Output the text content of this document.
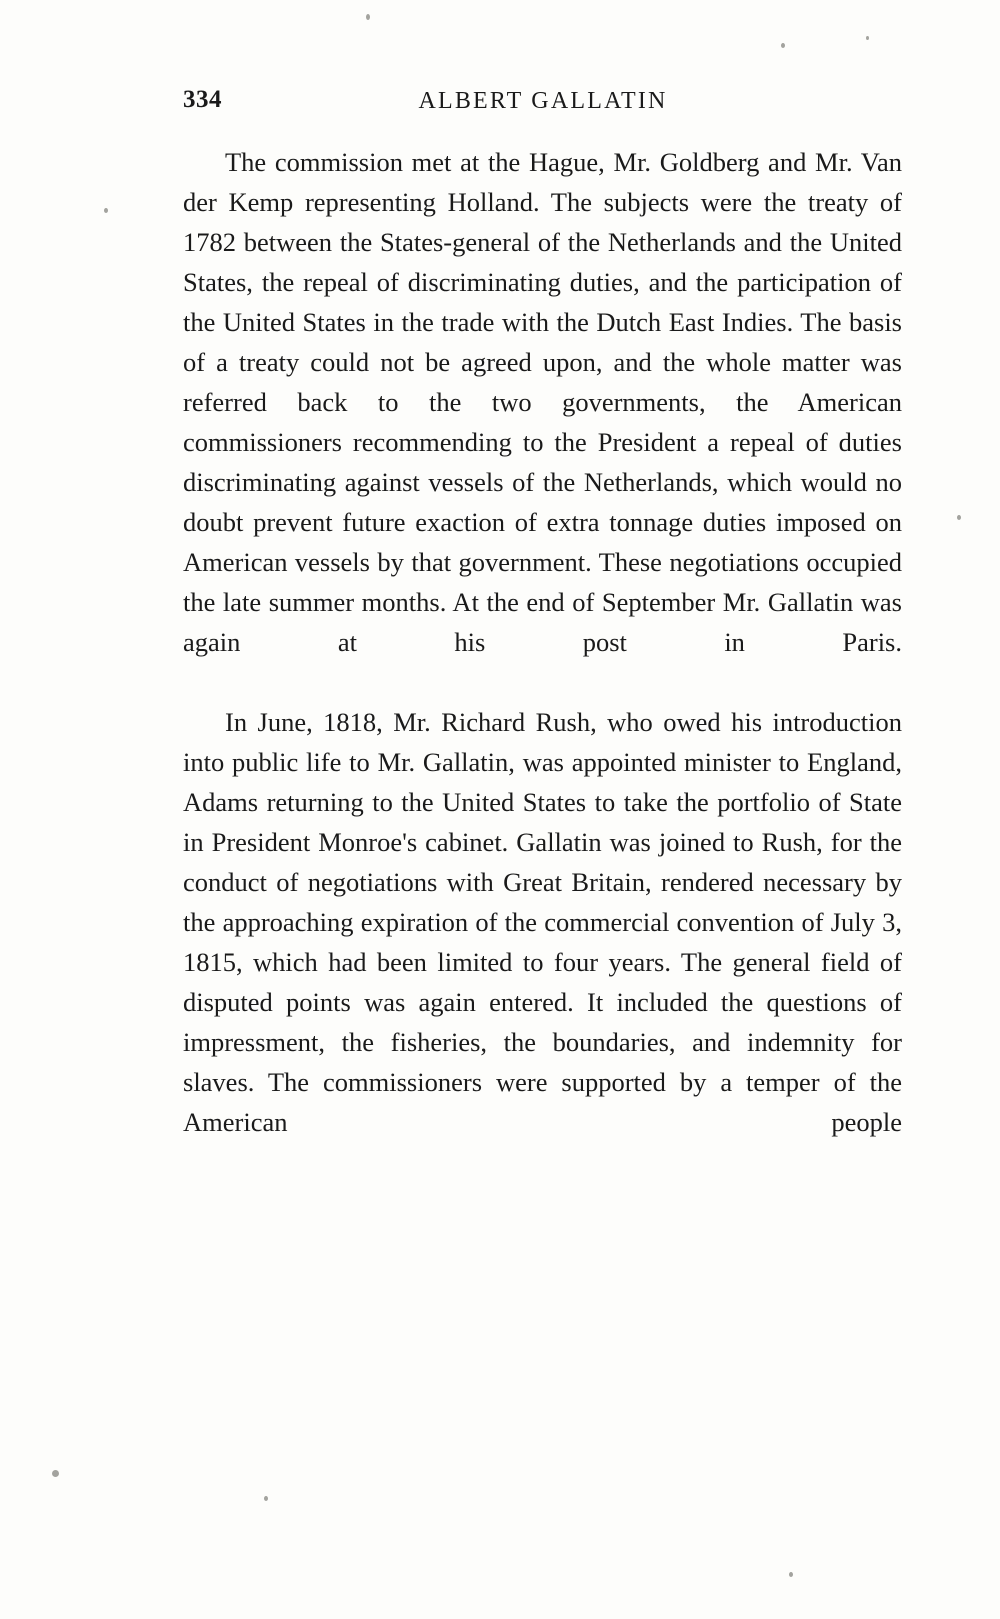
334	ALBERT GALLATIN

The commission met at the Hague, Mr. Goldberg and Mr. Van der Kemp representing Holland. The subjects were the treaty of 1782 between the States-general of the Netherlands and the United States, the repeal of discriminating duties, and the participation of the United States in the trade with the Dutch East Indies. The basis of a treaty could not be agreed upon, and the whole matter was referred back to the two governments, the American commissioners recommending to the President a repeal of duties discriminating against vessels of the Netherlands, which would no doubt prevent future exaction of extra tonnage duties imposed on American vessels by that government. These negotiations occupied the late summer months. At the end of September Mr. Gallatin was again at his post in Paris.

In June, 1818, Mr. Richard Rush, who owed his introduction into public life to Mr. Gallatin, was appointed minister to England, Adams returning to the United States to take the portfolio of State in President Monroe's cabinet. Gallatin was joined to Rush, for the conduct of negotiations with Great Britain, rendered necessary by the approaching expiration of the commercial convention of July 3, 1815, which had been limited to four years. The general field of disputed points was again entered. It included the questions of impressment, the fisheries, the boundaries, and indemnity for slaves. The commissioners were supported by a temper of the American people
